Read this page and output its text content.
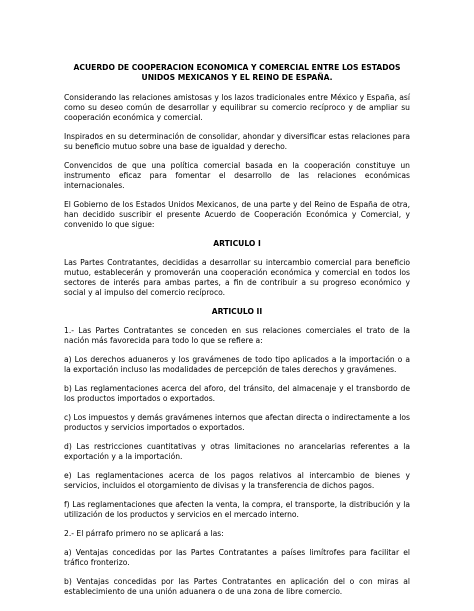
ACUERDO DE COOPERACION ECONOMICA Y COMERCIAL ENTRE LOS ESTADOS UNIDOS MEXICANOS Y EL REINO DE ESPAÑA.

Considerando las relaciones amistosas y los lazos tradicionales entre México y España, así como su deseo común de desarrollar y equilibrar su comercio recíproco y de ampliar su cooperación económica y comercial.

Inspirados en su determinación de consolidar, ahondar y diversificar estas relaciones para su beneficio mutuo sobre una base de igualdad y derecho.

Convencidos de que una política comercial basada en la cooperación constituye un instrumento eficaz para fomentar el desarrollo de las relaciones económicas internacionales.

El Gobierno de los Estados Unidos Mexicanos, de una parte y del Reino de España de otra, han decidido suscribir el presente Acuerdo de Cooperación Económica y Comercial, y convenido lo que sigue:

ARTICULO I

Las Partes Contratantes, decididas a desarrollar su intercambio comercial para beneficio mutuo, establecerán y promoverán una cooperación económica y comercial en todos los sectores de interés para ambas partes, a fin de contribuir a su progreso económico y social y al impulso del comercio recíproco.

ARTICULO II

1.- Las Partes Contratantes se conceden en sus relaciones comerciales el trato de la nación más favorecida para todo lo que se refiere a:

a) Los derechos aduaneros y los gravámenes de todo tipo aplicados a la importación o a la exportación incluso las modalidades de percepción de tales derechos y gravámenes.

b) Las reglamentaciones acerca del aforo, del tránsito, del almacenaje y el transbordo de los productos importados o exportados.

c) Los impuestos y demás gravámenes internos que afectan directa o indirectamente a los productos y servicios importados o exportados.

d) Las restricciones cuantitativas y otras limitaciones no arancelarias referentes a la exportación y a la importación.

e) Las reglamentaciones acerca de los pagos relativos al intercambio de bienes y servicios, incluidos el otorgamiento de divisas y la transferencia de dichos pagos.

f) Las reglamentaciones que afecten la venta, la compra, el transporte, la distribución y la utilización de los productos y servicios en el mercado interno.

2.- El párrafo primero no se aplicará a las:

a) Ventajas concedidas por las Partes Contratantes a países limítrofes para facilitar el tráfico fronterizo.

b) Ventajas concedidas por las Partes Contratantes en aplicación del o con miras al establecimiento de una unión aduanera o de una zona de libre comercio.
